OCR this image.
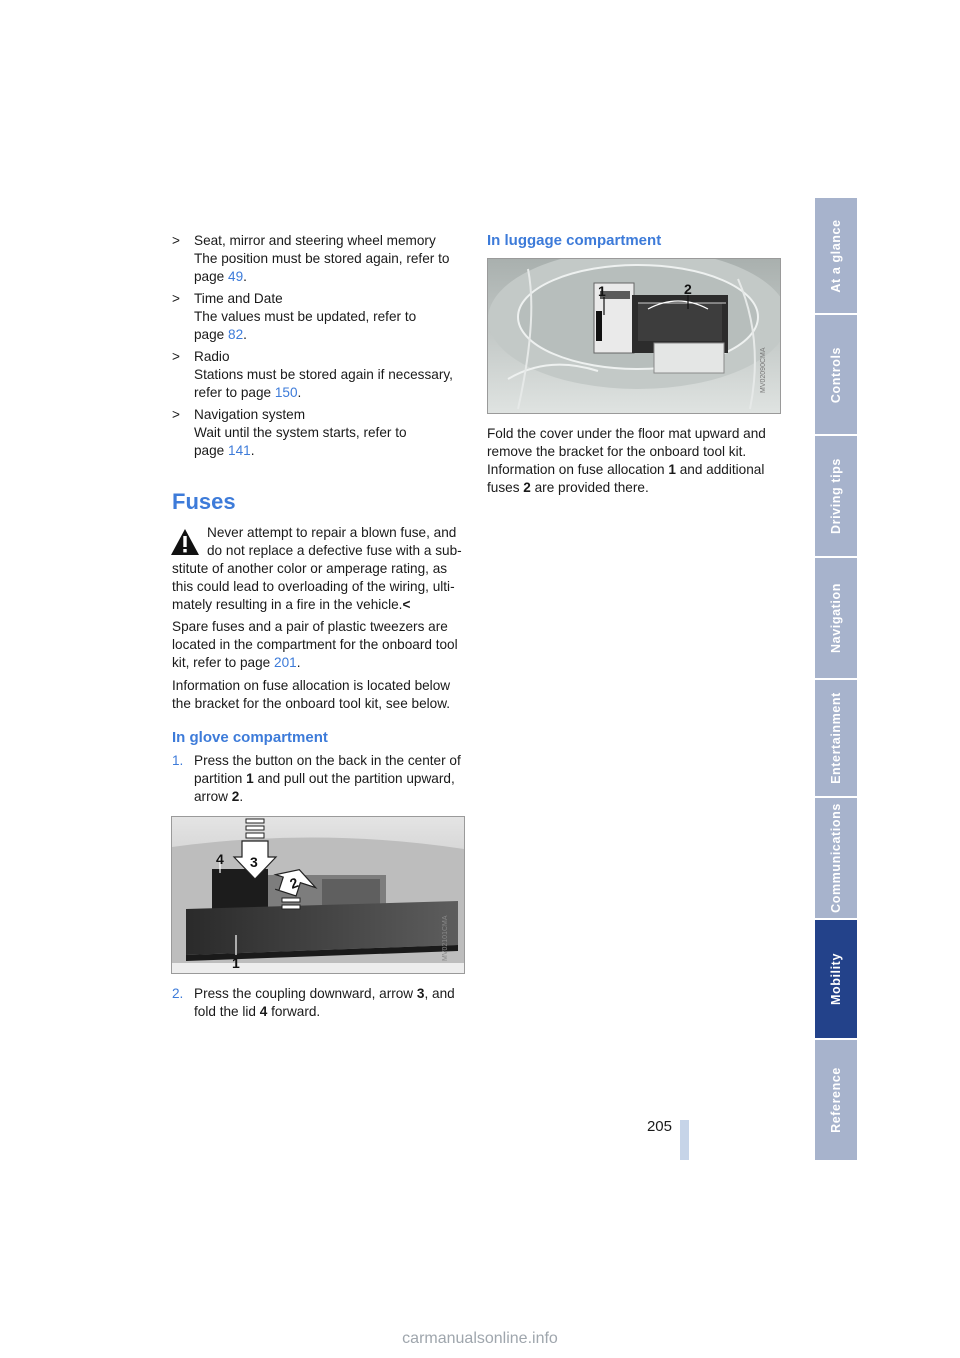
> Seat, mirror and steering wheel memory
The position must be stored again, refer to
page 49.
> Time and Date
The values must be updated, refer to
page 82.
> Radio
Stations must be stored again if necessary,
refer to page 150.
> Navigation system
Wait until the system starts, refer to
page 141.
Fuses
Never attempt to repair a blown fuse, and
do not replace a defective fuse with a sub-
stitute of another color or amperage rating, as
this could lead to overloading of the wiring, ulti-
mately resulting in a fire in the vehicle.<
Spare fuses and a pair of plastic tweezers are
located in the compartment for the onboard tool
kit, refer to page 201.
Information on fuse allocation is located below
the bracket for the onboard tool kit, see below.
In glove compartment
1. Press the button on the back in the center of
partition 1 and pull out the partition upward,
arrow 2.
4 3
2
1
MV02101CMA
2. Press the coupling downward, arrow 3, and
fold the lid 4 forward.
In luggage compartment
1	2
MV02090CMA
Fold the cover under the floor mat upward and
remove the bracket for the onboard tool kit.
Information on fuse allocation 1 and additional
fuses 2 are provided there.
205
At a glance
Controls
Driving tips
Navigation
Entertainment
Communications
Mobility
Reference
carmanualsonline.info
